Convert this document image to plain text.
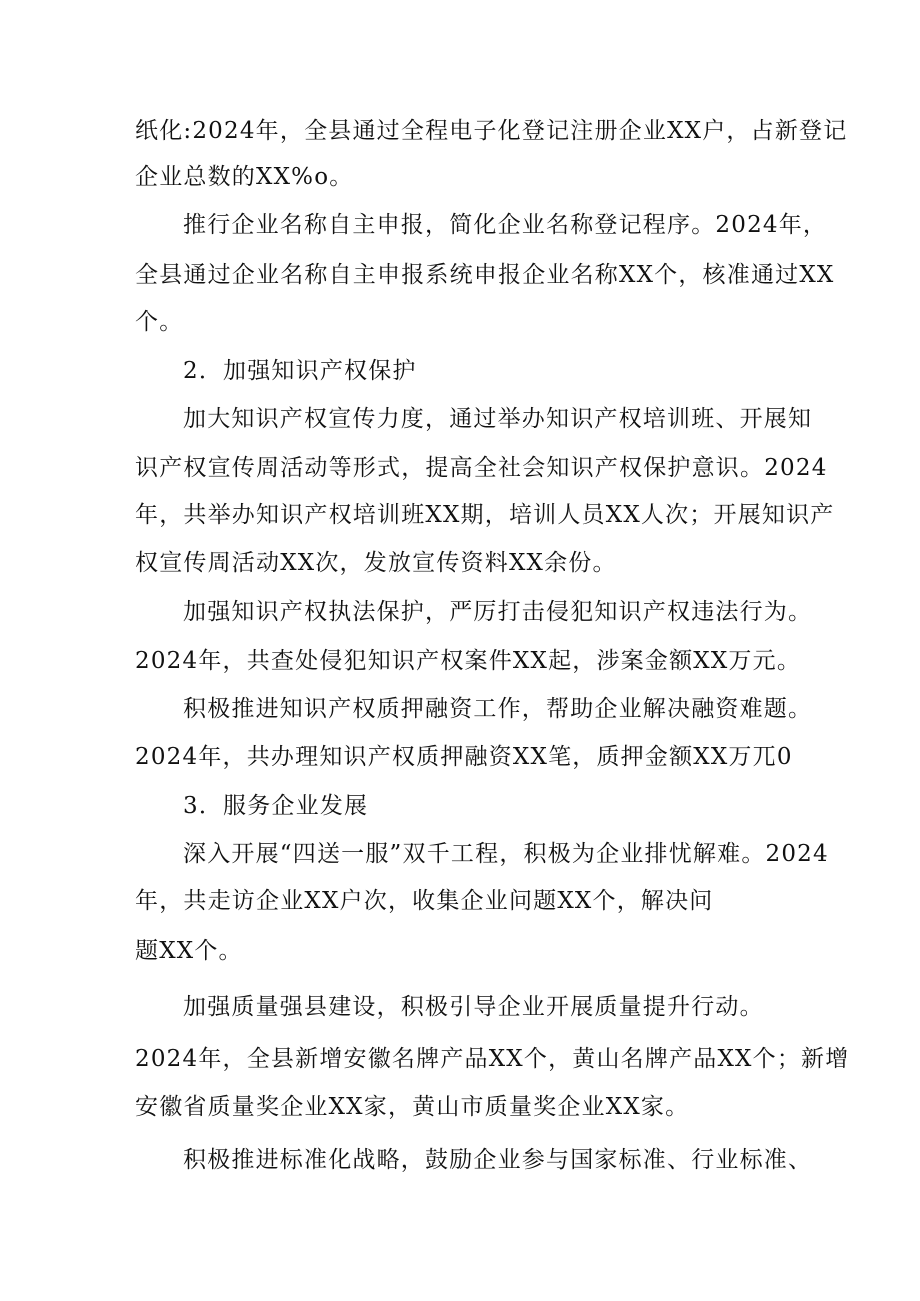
纸化:2024年，全县通过全程电子化登记注册企业XX户，占新登记
企业总数的XX%o。
推行企业名称自主申报，简化企业名称登记程序。2024年，
全县通过企业名称自主申报系统申报企业名称XX个，核准通过XX
个。
2．加强知识产权保护
加大知识产权宣传力度，通过举办知识产权培训班、开展知
识产权宣传周活动等形式，提高全社会知识产权保护意识。2024
年，共举办知识产权培训班XX期，培训人员XX人次；开展知识产
权宣传周活动XX次，发放宣传资料XX余份。
加强知识产权执法保护，严厉打击侵犯知识产权违法行为。
2024年，共查处侵犯知识产权案件XX起，涉案金额XX万元。
积极推进知识产权质押融资工作，帮助企业解决融资难题。
2024年，共办理知识产权质押融资XX笔，质押金额XX万兀0
3．服务企业发展
深入开展“四送一服”双千工程，积极为企业排忧解难。2024
年，共走访企业XX户次，收集企业问题XX个，解决问
题XX个。
加强质量强县建设，积极引导企业开展质量提升行动。
2024年，全县新增安徽名牌产品XX个，黄山名牌产品XX个；新增
安徽省质量奖企业XX家，黄山市质量奖企业XX家。
积极推进标准化战略，鼓励企业参与国家标准、行业标准、
